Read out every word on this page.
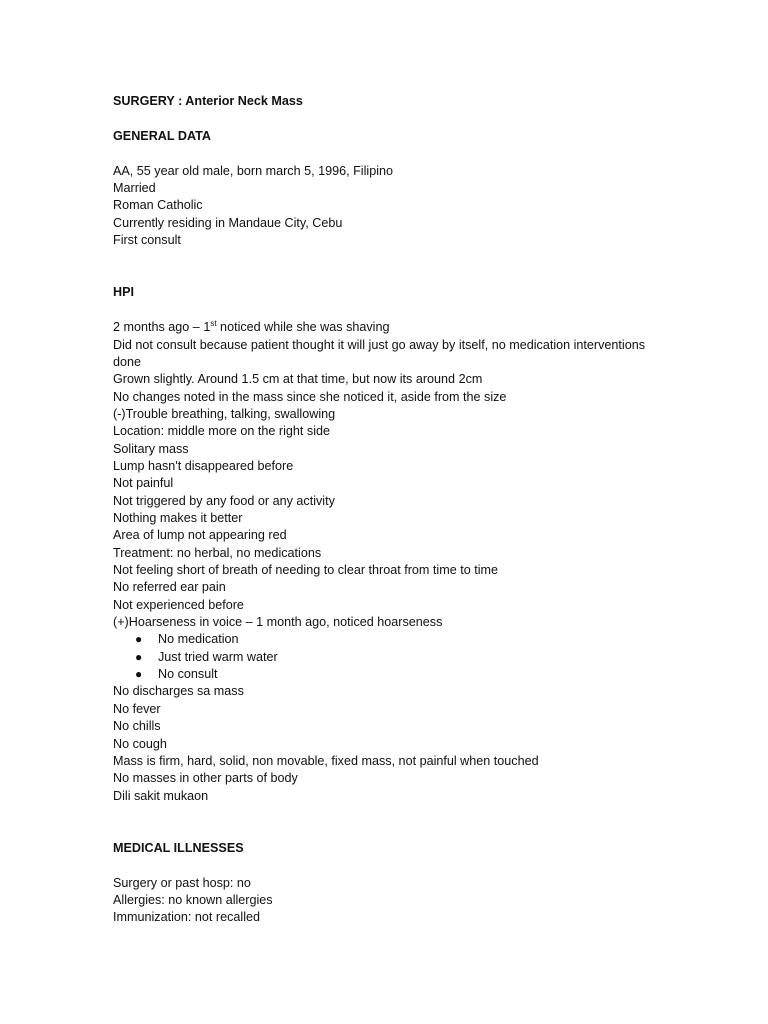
SURGERY : Anterior Neck Mass
GENERAL DATA
AA, 55 year old male, born march 5, 1996, Filipino
Married
Roman Catholic
Currently residing in Mandaue City, Cebu
First consult
HPI
2 months ago – 1st noticed while she was shaving
Did not consult because patient thought it will just go away by itself, no medication interventions done
Grown slightly. Around 1.5 cm at that time, but now its around 2cm
No changes noted in the mass since she noticed it, aside from the size
(-)Trouble breathing, talking, swallowing
Location: middle more on the right side
Solitary mass
Lump hasn't disappeared before
Not painful
Not triggered by any food or any activity
Nothing makes it better
Area of lump not appearing red
Treatment: no herbal, no medications
Not feeling short of breath of needing to clear throat from time to time
No referred ear pain
Not experienced before
(+)Hoarseness in voice – 1 month ago, noticed hoarseness
● No medication
● Just tried warm water
● No consult
No discharges sa mass
No fever
No chills
No cough
Mass is firm, hard, solid, non movable, fixed mass, not painful when touched
No masses in other parts of body
Dili sakit mukaon
MEDICAL ILLNESSES
Surgery or past hosp: no
Allergies: no known allergies
Immunization: not recalled
